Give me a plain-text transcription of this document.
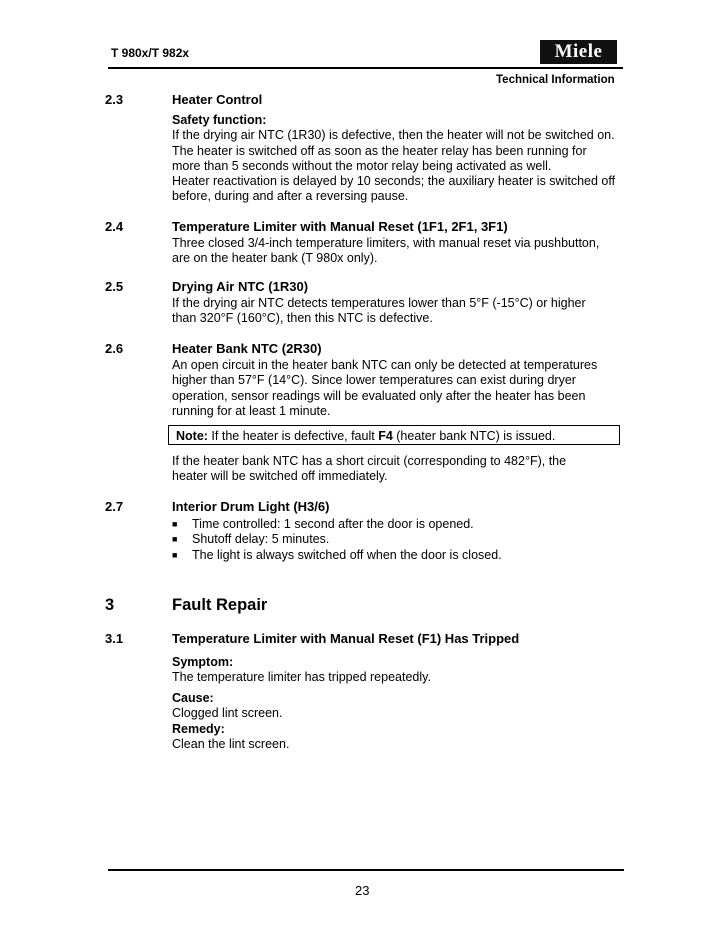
T 980x/T 982x	Miele
Technical Information
2.3	Heater Control
Safety function:
If the drying air NTC (1R30) is defective, then the heater will not be switched on.
The heater is switched off as soon as the heater relay has been running for
more than 5 seconds without the motor relay being activated as well.
Heater reactivation is delayed by 10 seconds; the auxiliary heater is switched off
before, during and after a reversing pause.
2.4	Temperature Limiter with Manual Reset (1F1, 2F1, 3F1)
Three closed 3/4-inch temperature limiters, with manual reset via pushbutton,
are on the heater bank (T 980x only).
2.5	Drying Air NTC (1R30)
If the drying air NTC detects temperatures lower than 5°F (-15°C) or higher
than 320°F (160°C), then this NTC is defective.
2.6	Heater Bank NTC (2R30)
An open circuit in the heater bank NTC can only be detected at temperatures
higher than 57°F (14°C). Since lower temperatures can exist during dryer
operation, sensor readings will be evaluated only after the heater has been
running for at least 1 minute.
Note: If the heater is defective, fault F4 (heater bank NTC) is issued.
If the heater bank NTC has a short circuit (corresponding to 482°F), the
heater will be switched off immediately.
2.7	Interior Drum Light (H3/6)
■	Time controlled: 1 second after the door is opened.
■	Shutoff delay: 5 minutes.
■	The light is always switched off when the door is closed.
3	Fault Repair
3.1	Temperature Limiter with Manual Reset (F1) Has Tripped
Symptom:
The temperature limiter has tripped repeatedly.
Cause:
Clogged lint screen.
Remedy:
Clean the lint screen.
23
